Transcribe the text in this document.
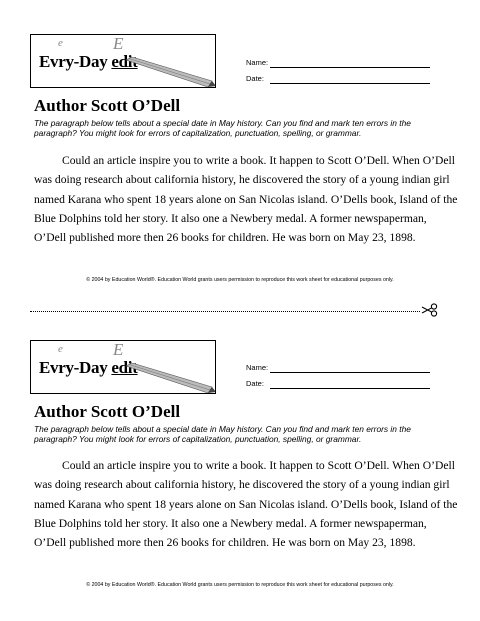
e	E
Evry-Day edit	Name:
Date:
Author Scott O’Dell
The paragraph below tells about a special date in May history. Can you find and mark ten errors in the paragraph? You might look for errors of capitalization, punctuation, spelling, or grammar.

Could an article inspire you to write a book. It happen to Scott O’Dell. When O’Dell was doing research about california history, he discovered the story of a young indian girl named Karana who spent 18 years alone on San Nicolas island. O’Dells book, Island of the Blue Dolphins told her story. It also one a Newbery medal. A former newspaperman, O’Dell published more then 26 books for children. He was born on May 23, 1898.

© 2004 by Education World®. Education World grants users permission to reproduce this work sheet for educational purposes only.
e	E
Evry-Day edit	Name:
Date:
Author Scott O’Dell
The paragraph below tells about a special date in May history. Can you find and mark ten errors in the paragraph? You might look for errors of capitalization, punctuation, spelling, or grammar.

Could an article inspire you to write a book. It happen to Scott O’Dell. When O’Dell was doing research about california history, he discovered the story of a young indian girl named Karana who spent 18 years alone on San Nicolas island. O’Dells book, Island of the Blue Dolphins told her story. It also one a Newbery medal. A former newspaperman, O’Dell published more then 26 books for children. He was born on May 23, 1898.

© 2004 by Education World®. Education World grants users permission to reproduce this work sheet for educational purposes only.
